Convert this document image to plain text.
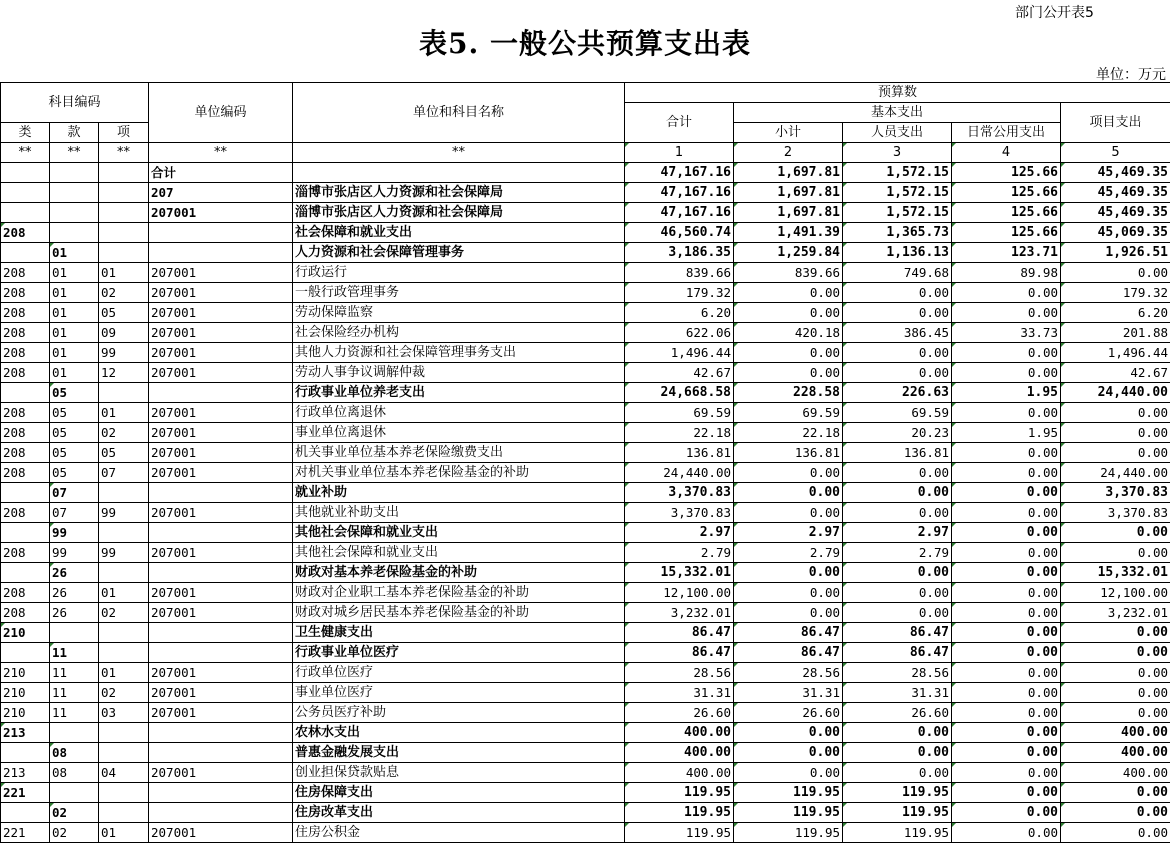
部门公开表5
表5. 一般公共预算支出表
单位：万元
科目编码			单位编码	单位和科目名称	预算数				
					合计	基本支出			项目支出
						小计	人员支出	日常公用支出	
类	款	项							
**	**	**	**	**	1	2	3	4	5
			合计		47,167.16	1,697.81	1,572.15	125.66	45,469.35
			207	淄博市张店区人力资源和社会保障局	47,167.16	1,697.81	1,572.15	125.66	45,469.35
			207001	淄博市张店区人力资源和社会保障局	47,167.16	1,697.81	1,572.15	125.66	45,469.35
208				社会保障和就业支出	46,560.74	1,491.39	1,365.73	125.66	45,069.35
	01			人力资源和社会保障管理事务	3,186.35	1,259.84	1,136.13	123.71	1,926.51
208	01	01	207001	行政运行	839.66	839.66	749.68	89.98	0.00
208	01	02	207001	一般行政管理事务	179.32	0.00	0.00	0.00	179.32
208	01	05	207001	劳动保障监察	6.20	0.00	0.00	0.00	6.20
208	01	09	207001	社会保险经办机构	622.06	420.18	386.45	33.73	201.88
208	01	99	207001	其他人力资源和社会保障管理事务支出	1,496.44	0.00	0.00	0.00	1,496.44
208	01	12	207001	劳动人事争议调解仲裁	42.67	0.00	0.00	0.00	42.67
	05			行政事业单位养老支出	24,668.58	228.58	226.63	1.95	24,440.00
208	05	01	207001	行政单位离退休	69.59	69.59	69.59	0.00	0.00
208	05	02	207001	事业单位离退休	22.18	22.18	20.23	1.95	0.00
208	05	05	207001	机关事业单位基本养老保险缴费支出	136.81	136.81	136.81	0.00	0.00
208	05	07	207001	对机关事业单位基本养老保险基金的补助	24,440.00	0.00	0.00	0.00	24,440.00
	07			就业补助	3,370.83	0.00	0.00	0.00	3,370.83
208	07	99	207001	其他就业补助支出	3,370.83	0.00	0.00	0.00	3,370.83
	99			其他社会保障和就业支出	2.97	2.97	2.97	0.00	0.00
208	99	99	207001	其他社会保障和就业支出	2.79	2.79	2.79	0.00	0.00
	26			财政对基本养老保险基金的补助	15,332.01	0.00	0.00	0.00	15,332.01
208	26	01	207001	财政对企业职工基本养老保险基金的补助	12,100.00	0.00	0.00	0.00	12,100.00
208	26	02	207001	财政对城乡居民基本养老保险基金的补助	3,232.01	0.00	0.00	0.00	3,232.01
210				卫生健康支出	86.47	86.47	86.47	0.00	0.00
	11			行政事业单位医疗	86.47	86.47	86.47	0.00	0.00
210	11	01	207001	行政单位医疗	28.56	28.56	28.56	0.00	0.00
210	11	02	207001	事业单位医疗	31.31	31.31	31.31	0.00	0.00
210	11	03	207001	公务员医疗补助	26.60	26.60	26.60	0.00	0.00
213				农林水支出	400.00	0.00	0.00	0.00	400.00
	08			普惠金融发展支出	400.00	0.00	0.00	0.00	400.00
213	08	04	207001	创业担保贷款贴息	400.00	0.00	0.00	0.00	400.00
221				住房保障支出	119.95	119.95	119.95	0.00	0.00
	02			住房改革支出	119.95	119.95	119.95	0.00	0.00
221	02	01	207001	住房公积金	119.95	119.95	119.95	0.00	0.00
